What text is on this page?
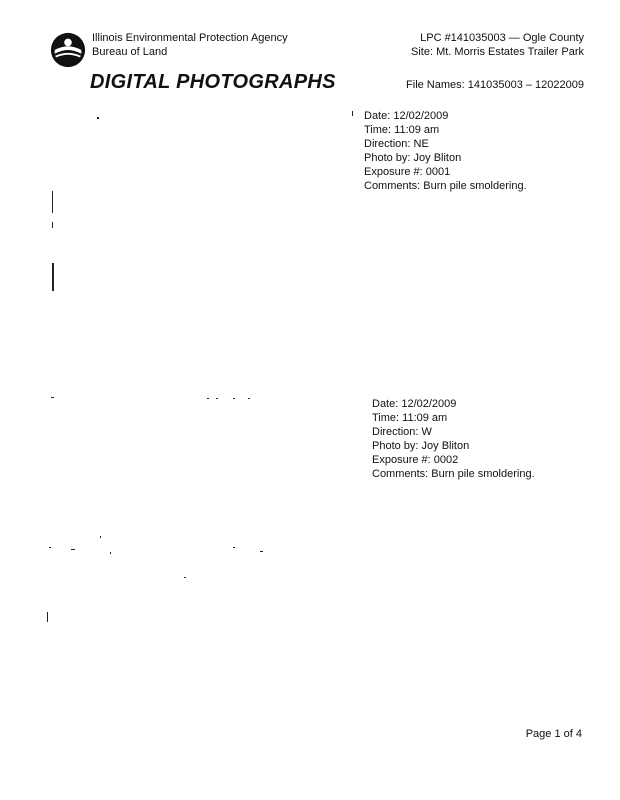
Illinois Environmental Protection Agency
Bureau of Land
LPC #141035003 — Ogle County
Site: Mt. Morris Estates Trailer Park
DIGITAL PHOTOGRAPHS	File Names: 141035003 – 12022009
Date: 12/02/2009
Time: 11:09 am
Direction: NE
Photo by: Joy Bliton
Exposure #: 0001
Comments: Burn pile smoldering.
Date: 12/02/2009
Time: 11:09 am
Direction: W
Photo by: Joy Bliton
Exposure #: 0002
Comments: Burn pile smoldering.
Page 1 of 4
